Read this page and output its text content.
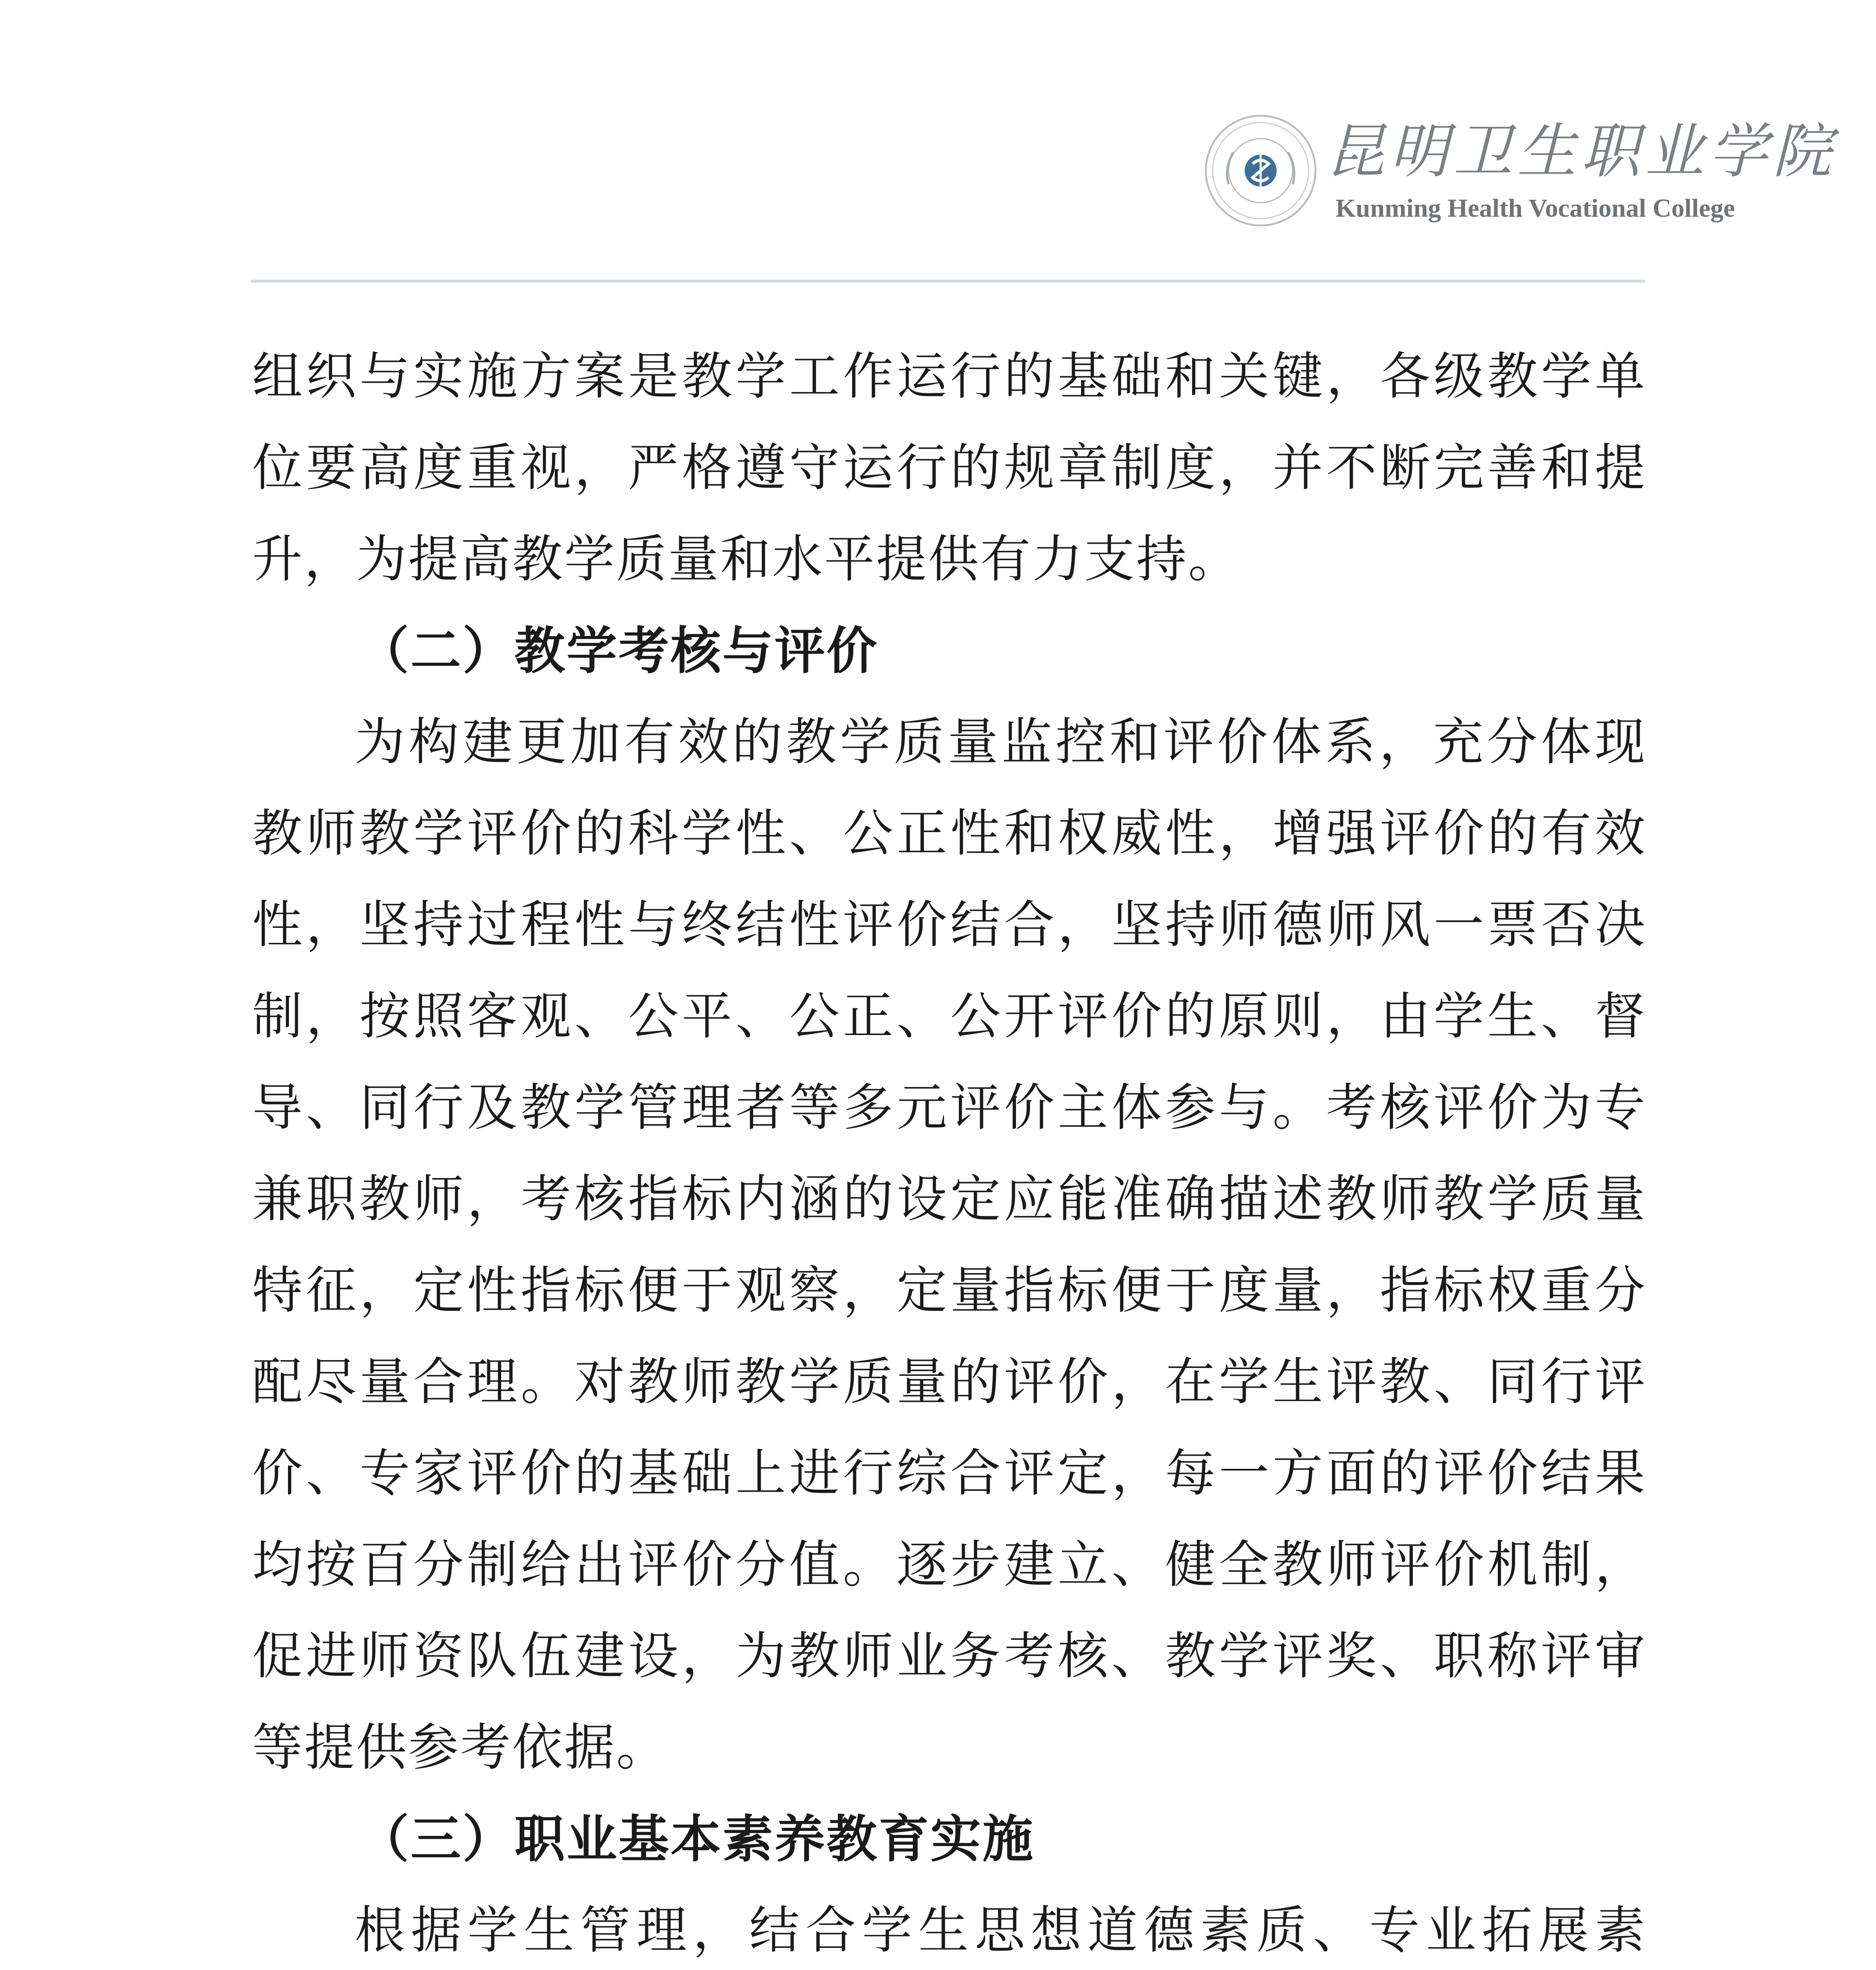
昆明卫生职业学院
Kunming Health Vocational College

组织与实施方案是教学工作运行的基础和关键，各级教学单位要高度重视，严格遵守运行的规章制度，并不断完善和提升，为提高教学质量和水平提供有力支持。

（二）教学考核与评价

为构建更加有效的教学质量监控和评价体系，充分体现教师教学评价的科学性、公正性和权威性，增强评价的有效性，坚持过程性与终结性评价结合，坚持师德师风一票否决制，按照客观、公平、公正、公开评价的原则，由学生、督导、同行及教学管理者等多元评价主体参与。考核评价为专兼职教师，考核指标内涵的设定应能准确描述教师教学质量特征，定性指标便于观察，定量指标便于度量，指标权重分配尽量合理。对教师教学质量的评价，在学生评教、同行评价、专家评价的基础上进行综合评定，每一方面的评价结果均按百分制给出评价分值。逐步建立、健全教师评价机制，促进师资队伍建设，为教师业务考核、教学评奖、职称评审等提供参考依据。

（三）职业基本素养教育实施

根据学生管理，结合学生思想道德素质、专业拓展素
